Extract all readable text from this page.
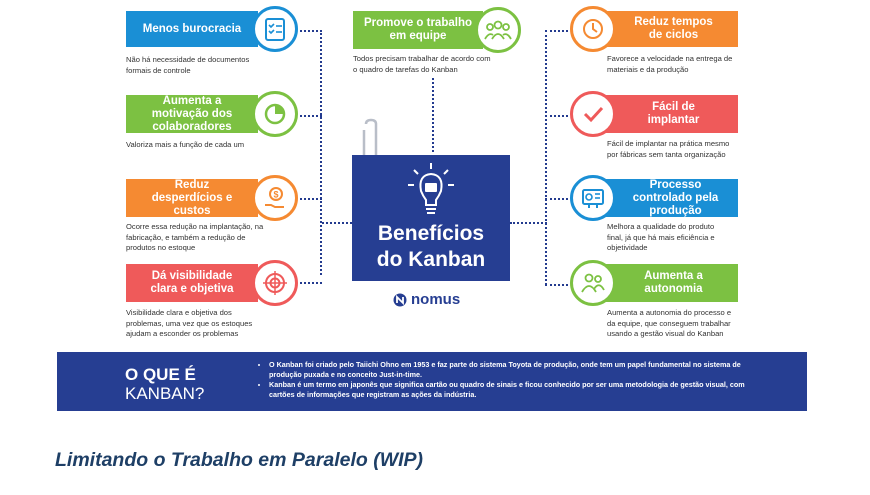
Menos burocracia
Não há necessidade de documentos
formais de controle
Aumenta a motivação dos colaboradores
Valoriza mais a função de cada um
Reduz desperdícios e custos
$
Ocorre essa redução na implantação, na
fabricação, e também a redução de
produtos no estoque
Dá visibilidade clara e objetiva
Visibilidade clara e objetiva dos
problemas, uma vez que os estoques
ajudam a esconder os problemas
Promove o trabalho em equipe
Todos precisam trabalhar de acordo com
o quadro de tarefas do Kanban
Reduz tempos de ciclos
Favorece a velocidade na entrega de
materiais e da produção
Fácil de implantar
Fácil de implantar na prática mesmo
por fábricas sem tanta organização
Processo controlado pela produção
Melhora a qualidade do produto
final, já que há mais eficiência e
objetividade
Aumenta a autonomia
Aumenta a autonomia do processo e
da equipe, que conseguem trabalhar
usando a gestão visual do Kanban
Benefícios
do Kanban
nomus
O QUE É
KANBAN?
• O Kanban foi criado pelo Taiichi Ohno em 1953 e faz parte do sistema Toyota de produção, onde tem um papel fundamental no sistema de produção puxada e no conceito Just-in-time.
• Kanban é um termo em japonês que significa cartão ou quadro de sinais e ficou conhecido por ser uma metodologia de gestão visual, com cartões de informações que registram as ações da indústria.
Limitando o Trabalho em Paralelo (WIP)
